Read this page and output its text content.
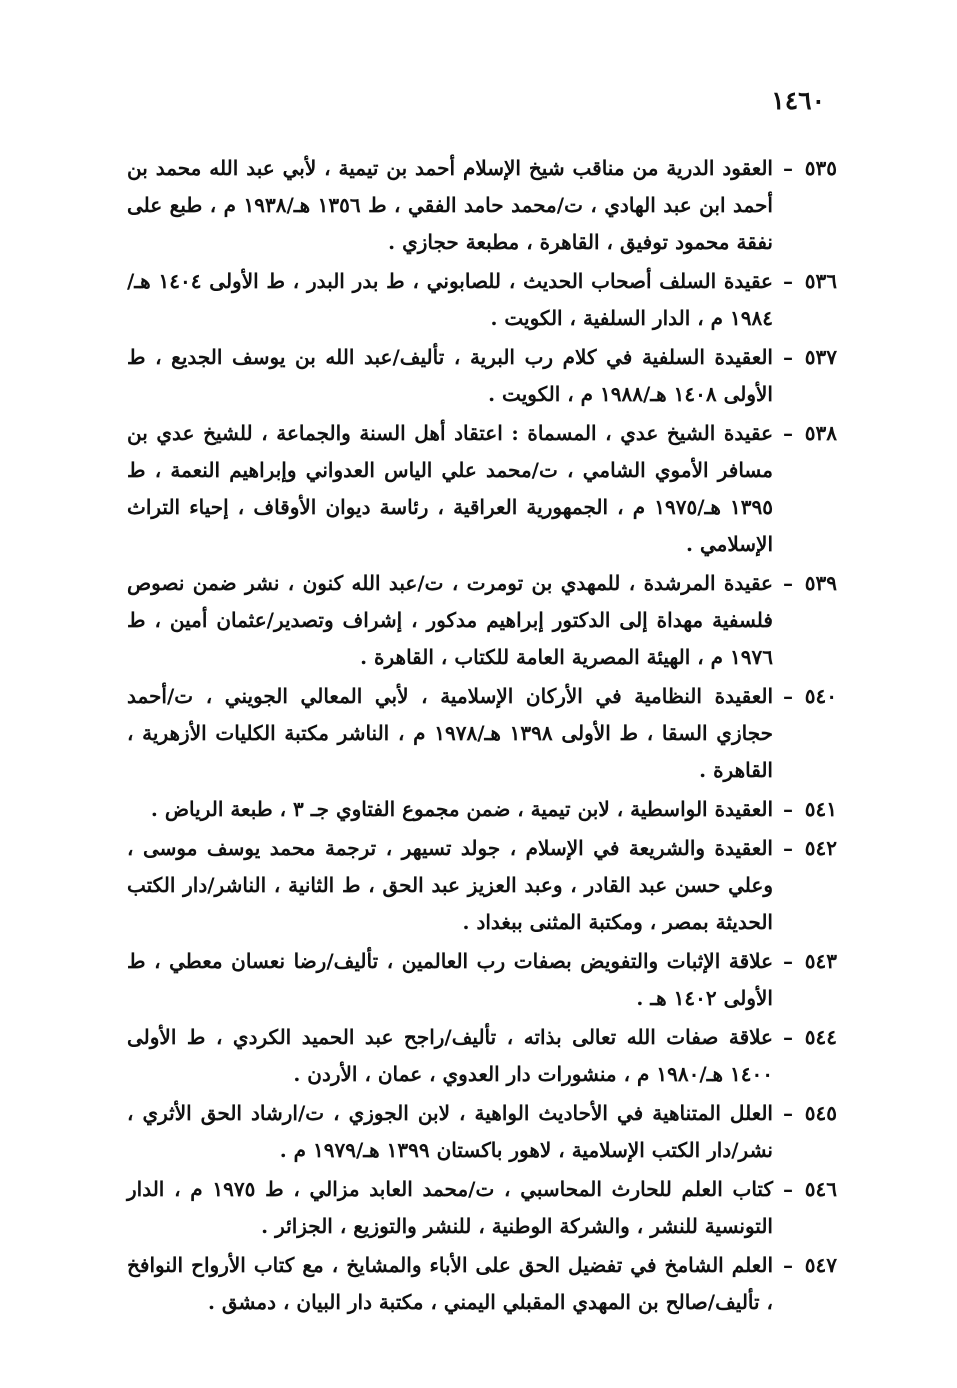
١٤٦٠
٥٣٥
–
العقود الدرية من مناقب شيخ الإسلام أحمد بن تيمية ، لأبي عبد الله محمد بن أحمد ابن عبد الهادي ، ت/محمد حامد الفقي ، ط ١٣٥٦ هـ/١٩٣٨ م ، طبع على نفقة محمود توفيق ، القاهرة ، مطبعة حجازي .
٥٣٦
–
عقيدة السلف أصحاب الحديث ، للصابوني ، ط بدر البدر ، ط الأولى ١٤٠٤ هـ/١٩٨٤ م ، الدار السلفية ، الكويت .
٥٣٧
–
العقيدة السلفية في كلام رب البرية ، تأليف/عبد الله بن يوسف الجديع ، ط الأولى ١٤٠٨ هـ/١٩٨٨ م ، الكويت .
٥٣٨
–
عقيدة الشيخ عدي ، المسماة : اعتقاد أهل السنة والجماعة ، للشيخ عدي بن مسافر الأموي الشامي ، ت/محمد علي الياس العدواني وإبراهيم النعمة ، ط ١٣٩٥ هـ/١٩٧٥ م ، الجمهورية العراقية ، رئاسة ديوان الأوقاف ، إحياء التراث الإسلامي .
٥٣٩
–
عقيدة المرشدة ، للمهدي بن تومرت ، ت/عبد الله كنون ، نشر ضمن نصوص فلسفية مهداة إلى الدكتور إبراهيم مدكور ، إشراف وتصدير/عثمان أمين ، ط ١٩٧٦ م ، الهيئة المصرية العامة للكتاب ، القاهرة .
٥٤٠
–
العقيدة النظامية في الأركان الإسلامية ، لأبي المعالي الجويني ، ت/أحمد حجازي السقا ، ط الأولى ١٣٩٨ هـ/١٩٧٨ م ، الناشر مكتبة الكليات الأزهرية ، القاهرة .
٥٤١
–
العقيدة الواسطية ، لابن تيمية ، ضمن مجموع الفتاوي جـ ٣ ، طبعة الرياض .
٥٤٢
–
العقيدة والشريعة في الإسلام ، جولد تسيهر ، ترجمة محمد يوسف موسى ، وعلي حسن عبد القادر ، وعبد العزيز عبد الحق ، ط الثانية ، الناشر/دار الكتب الحديثة بمصر ، ومكتبة المثنى ببغداد .
٥٤٣
–
علاقة الإثبات والتفويض بصفات رب العالمين ، تأليف/رضا نعسان معطي ، ط الأولى ١٤٠٢ هـ .
٥٤٤
–
علاقة صفات الله تعالى بذاته ، تأليف/راجح عبد الحميد الكردي ، ط الأولى ١٤٠٠ هـ/١٩٨٠ م ، منشورات دار العدوي ، عمان ، الأردن .
٥٤٥
–
العلل المتناهية في الأحاديث الواهية ، لابن الجوزي ، ت/ارشاد الحق الأثري ، نشر/دار الكتب الإسلامية ، لاهور باكستان ١٣٩٩ هـ/١٩٧٩ م .
٥٤٦
–
كتاب العلم للحارث المحاسبي ، ت/محمد العابد مزالي ، ط ١٩٧٥ م ، الدار التونسية للنشر ، والشركة الوطنية ، للنشر والتوزيع ، الجزائر .
٥٤٧
–
العلم الشامخ في تفضيل الحق على الأباء والمشايخ ، مع كتاب الأرواح النوافخ ، تأليف/صالح بن المهدي المقبلي اليمني ، مكتبة دار البيان ، دمشق .
